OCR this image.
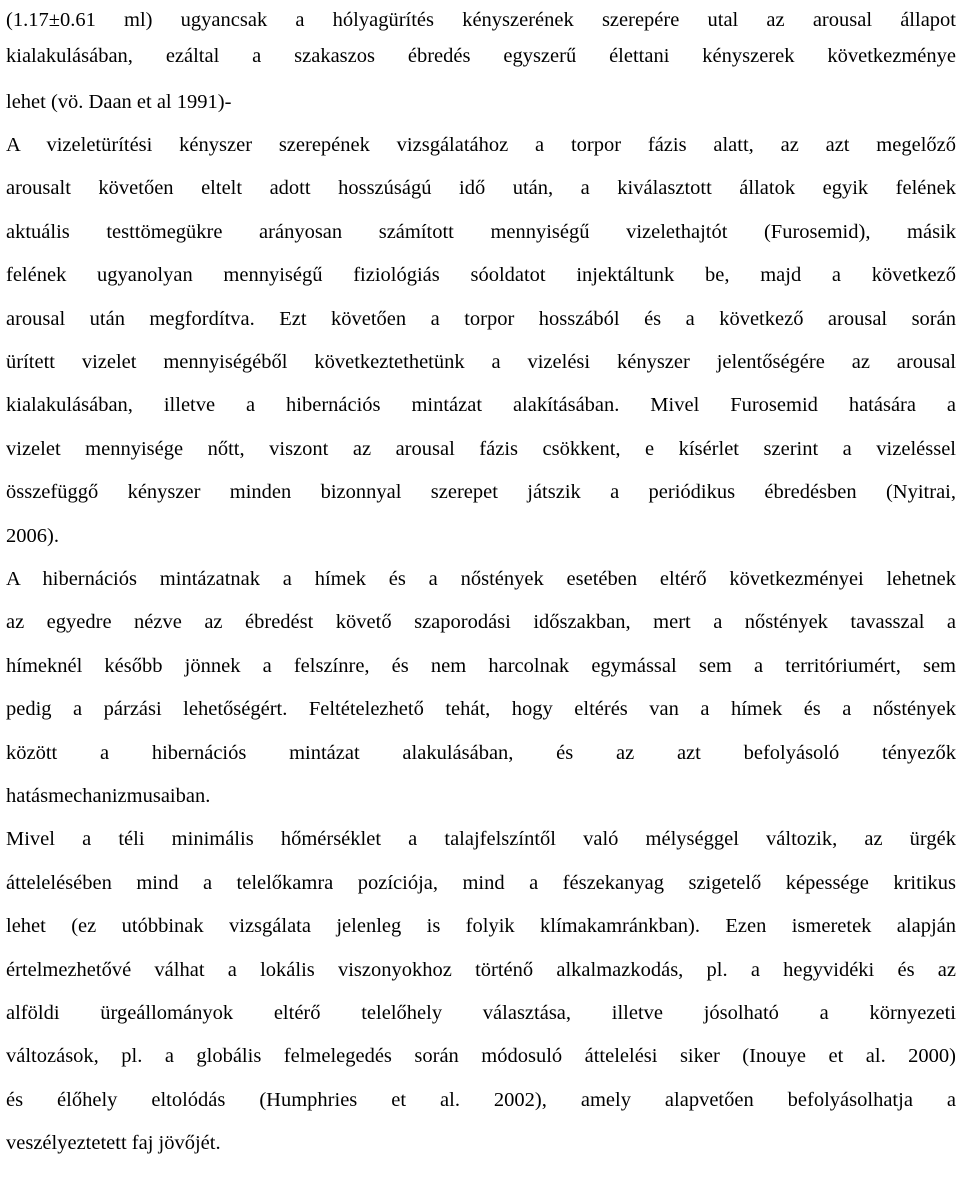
(1.17±0.61 ml) ugyancsak a hólyagürítés kényszerének szerepére utal az arousal állapot
kialakulásában, ezáltal a szakaszos ébredés egyszerű élettani kényszerek következménye
lehet (vö. Daan et al 1991)-
A vizeletürítési kényszer szerepének vizsgálatához a torpor fázis alatt, az azt megelőző
arousalt követően eltelt adott hosszúságú idő után, a kiválasztott állatok egyik felének
aktuális testtömegükre arányosan számított mennyiségű vizelethajtót (Furosemid), másik
felének ugyanolyan mennyiségű fiziológiás sóoldatot injektáltunk be, majd a következő
arousal után megfordítva. Ezt követően a torpor hosszából és a következő arousal során
ürített vizelet mennyiségéből következtethetünk a vizelési kényszer jelentőségére az arousal
kialakulásában, illetve a hibernációs mintázat alakításában. Mivel Furosemid hatására a
vizelet mennyisége nőtt, viszont az arousal fázis csökkent, e kísérlet szerint a vizeléssel
összefüggő kényszer minden bizonnyal szerepet játszik a periódikus ébredésben (Nyitrai,
2006).
A hibernációs mintázatnak a hímek és a nőstények esetében eltérő következményei lehetnek
az egyedre nézve az ébredést követő szaporodási időszakban, mert a nőstények tavasszal a
hímeknél később jönnek a felszínre, és nem harcolnak egymással sem a territóriumért, sem
pedig a párzási lehetőségért. Feltételezhető tehát, hogy eltérés van a hímek és a nőstények
között a hibernációs mintázat alakulásában, és az azt befolyásoló tényezők
hatásmechanizmusaiban.
Mivel a téli minimális hőmérséklet a talajfelszíntől való mélységgel változik, az ürgék
áttelelésében mind a telelőkamra pozíciója, mind a fészekanyag szigetelő képessége kritikus
lehet (ez utóbbinak vizsgálata jelenleg is folyik klímakamránkban). Ezen ismeretek alapján
értelmezhetővé válhat a lokális viszonyokhoz történő alkalmazkodás, pl. a hegyvidéki és az
alföldi ürgeállományok eltérő telelőhely választása, illetve jósolható a környezeti
változások, pl. a globális felmelegedés során módosuló áttelelési siker (Inouye et al. 2000)
és élőhely eltolódás (Humphries et al. 2002), amely alapvetően befolyásolhatja a
veszélyeztetett faj jövőjét.
